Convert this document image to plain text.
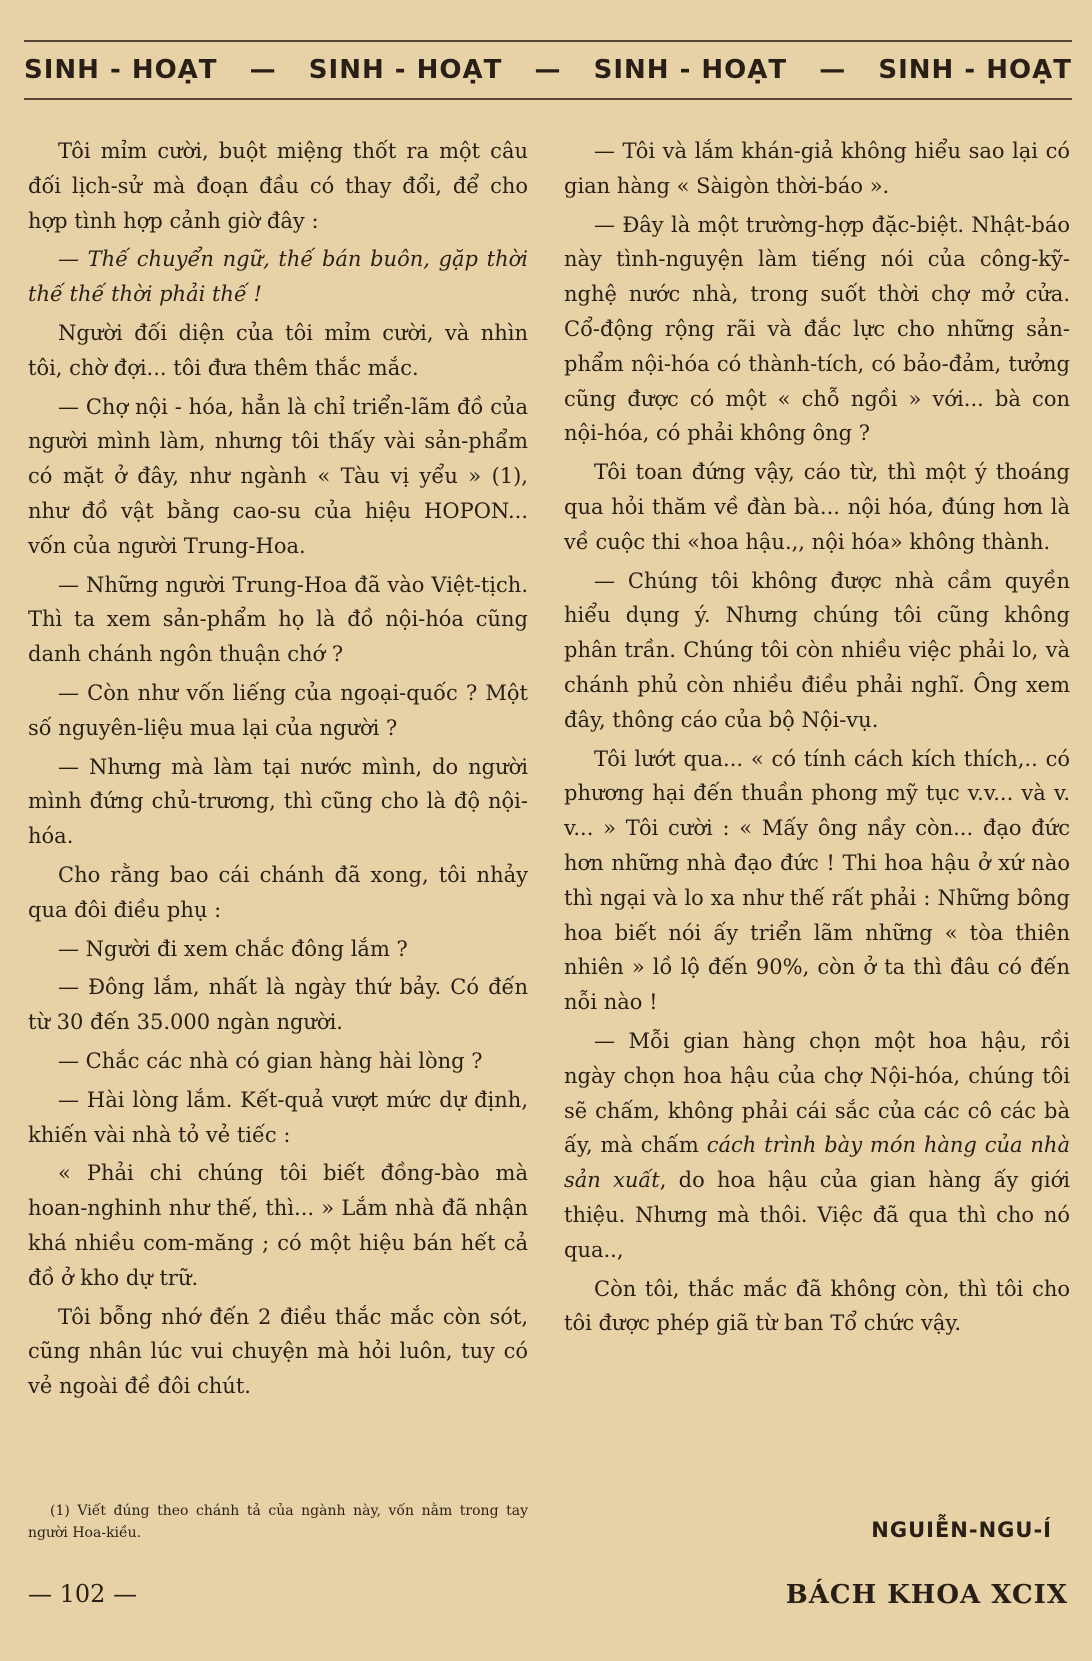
SINH - HOẠT — SINH - HOẠT — SINH - HOẠT — SINH - HOẠT

Tôi mỉm cười, buột miệng thốt ra một câu đối lịch-sử mà đoạn đầu có thay đổi, để cho hợp tình hợp cảnh giờ đây :

— Thế chuyển ngữ, thế bán buôn, gặp thời thế thế thời phải thế !

Người đối diện của tôi mỉm cười, và nhìn tôi, chờ đợi... tôi đưa thêm thắc mắc.

— Chợ nội - hóa, hẳn là chỉ triển-lãm đồ của người mình làm, nhưng tôi thấy vài sản-phẩm có mặt ở đây, như ngành « Tàu vị yểu » (1), như đồ vật bằng cao-su của hiệu HOPON... vốn của người Trung-Hoa.

— Những người Trung-Hoa đã vào Việt-tịch. Thì ta xem sản-phẩm họ là đồ nội-hóa cũng danh chánh ngôn thuận chớ ?

— Còn như vốn liếng của ngoại-quốc ? Một số nguyên-liệu mua lại của người ?

— Nhưng mà làm tại nước mình, do người mình đứng chủ-trương, thì cũng cho là độ nội-hóa.

Cho rằng bao cái chánh đã xong, tôi nhảy qua đôi điều phụ :

— Người đi xem chắc đông lắm ?

— Đông lắm, nhất là ngày thứ bảy. Có đến từ 30 đến 35.000 ngàn người.

— Chắc các nhà có gian hàng hài lòng ?

— Hài lòng lắm. Kết-quả vượt mức dự định, khiến vài nhà tỏ vẻ tiếc :

« Phải chi chúng tôi biết đồng-bào mà hoan-nghinh như thế, thì... » Lắm nhà đã nhận khá nhiều com-măng ; có một hiệu bán hết cả đồ ở kho dự trữ.

Tôi bỗng nhớ đến 2 điều thắc mắc còn sót, cũng nhân lúc vui chuyện mà hỏi luôn, tuy có vẻ ngoài đề đôi chút.

(1) Viết đúng theo chánh tả của ngành này, vốn nằm trong tay người Hoa-kiều.

— Tôi và lắm khán-giả không hiểu sao lại có gian hàng « Sàigòn thời-báo ».

— Đây là một trường-hợp đặc-biệt. Nhật-báo này tình-nguyện làm tiếng nói của công-kỹ-nghệ nước nhà, trong suốt thời chợ mở cửa. Cổ-động rộng rãi và đắc lực cho những sản-phẩm nội-hóa có thành-tích, có bảo-đảm, tưởng cũng được có một « chỗ ngồi » với... bà con nội-hóa, có phải không ông ?

Tôi toan đứng vậy, cáo từ, thì một ý thoáng qua hỏi thăm về đàn bà... nội hóa, đúng hơn là về cuộc thi «hoa hậu.,, nội hóa» không thành.

— Chúng tôi không được nhà cầm quyền hiểu dụng ý. Nhưng chúng tôi cũng không phân trần. Chúng tôi còn nhiều việc phải lo, và chánh phủ còn nhiều điều phải nghĩ. Ông xem đây, thông cáo của bộ Nội-vụ.

Tôi lướt qua... « có tính cách kích thích,.. có phương hại đến thuần phong mỹ tục v.v... và v. v... » Tôi cười : « Mấy ông nầy còn... đạo đức hơn những nhà đạo đức ! Thi hoa hậu ở xứ nào thì ngại và lo xa như thế rất phải : Những bông hoa biết nói ấy triển lãm những « tòa thiên nhiên » lồ lộ đến 90%, còn ở ta thì đâu có đến nỗi nào !

— Mỗi gian hàng chọn một hoa hậu, rồi ngày chọn hoa hậu của chợ Nội-hóa, chúng tôi sẽ chấm, không phải cái sắc của các cô các bà ấy, mà chấm cách trình bày món hàng của nhà sản xuất, do hoa hậu của gian hàng ấy giới thiệu. Nhưng mà thôi. Việc đã qua thì cho nó qua..,

Còn tôi, thắc mắc đã không còn, thì tôi cho tôi được phép giã từ ban Tổ chức vậy.

NGUIỄN-NGU-Í
— 102 —	BÁCH KHOA XCIX
